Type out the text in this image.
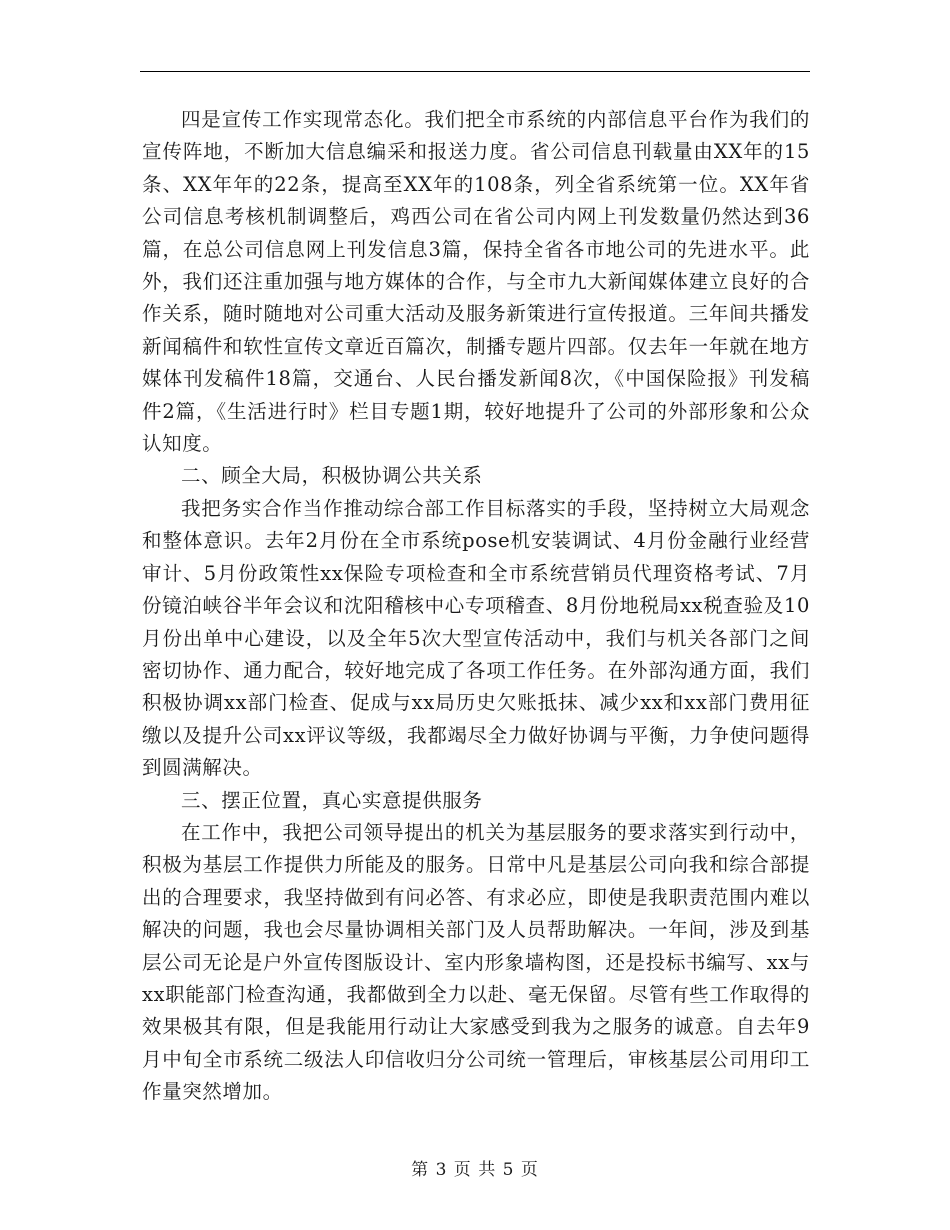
四是宣传工作实现常态化。我们把全市系统的内部信息平台作为我们的宣传阵地，不断加大信息编采和报送力度。省公司信息刊载量由XX年的15条、XX年年的22条，提高至XX年的108条，列全省系统第一位。XX年省公司信息考核机制调整后，鸡西公司在省公司内网上刊发数量仍然达到36篇，在总公司信息网上刊发信息3篇，保持全省各市地公司的先进水平。此外，我们还注重加强与地方媒体的合作，与全市九大新闻媒体建立良好的合作关系，随时随地对公司重大活动及服务新策进行宣传报道。三年间共播发新闻稿件和软性宣传文章近百篇次，制播专题片四部。仅去年一年就在地方媒体刊发稿件18篇，交通台、人民台播发新闻8次，《中国保险报》刊发稿件2篇，《生活进行时》栏目专题1期，较好地提升了公司的外部形象和公众认知度。

二、顾全大局，积极协调公共关系

我把务实合作当作推动综合部工作目标落实的手段，坚持树立大局观念和整体意识。去年2月份在全市系统pose机安装调试、4月份金融行业经营审计、5月份政策性xx保险专项检查和全市系统营销员代理资格考试、7月份镜泊峡谷半年会议和沈阳稽核中心专项稽查、8月份地税局xx税查验及10月份出单中心建设，以及全年5次大型宣传活动中，我们与机关各部门之间密切协作、通力配合，较好地完成了各项工作任务。在外部沟通方面，我们积极协调xx部门检查、促成与xx局历史欠账抵抹、减少xx和xx部门费用征缴以及提升公司xx评议等级，我都竭尽全力做好协调与平衡，力争使问题得到圆满解决。

三、摆正位置，真心实意提供服务

在工作中，我把公司领导提出的机关为基层服务的要求落实到行动中，积极为基层工作提供力所能及的服务。日常中凡是基层公司向我和综合部提出的合理要求，我坚持做到有问必答、有求必应，即使是我职责范围内难以解决的问题，我也会尽量协调相关部门及人员帮助解决。一年间，涉及到基层公司无论是户外宣传图版设计、室内形象墙构图，还是投标书编写、xx与xx职能部门检查沟通，我都做到全力以赴、毫无保留。尽管有些工作取得的效果极其有限，但是我能用行动让大家感受到我为之服务的诚意。自去年9月中旬全市系统二级法人印信收归分公司统一管理后，审核基层公司用印工作量突然增加。

第 3 页 共 5 页
